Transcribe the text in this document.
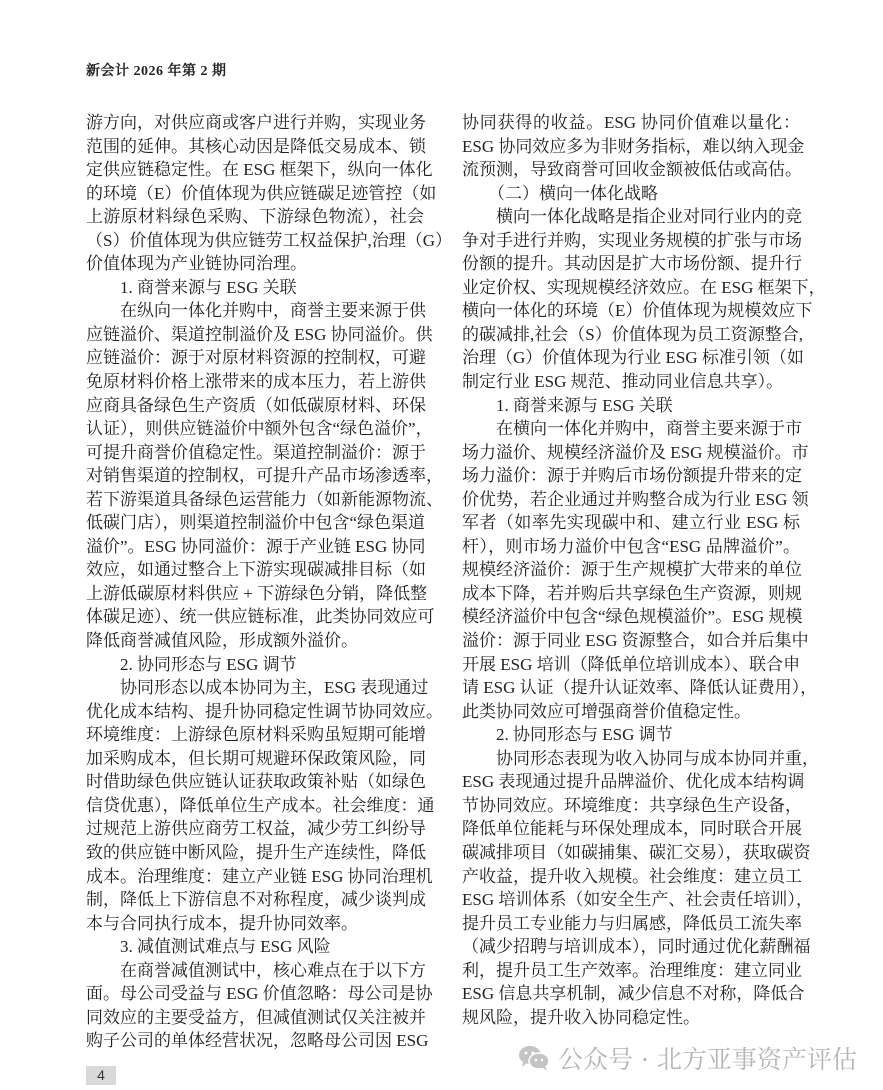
新会计 2026 年第 2 期
游方向，对供应商或客户进行并购，实现业务
范围的延伸。其核心动因是降低交易成本、锁
定供应链稳定性。在 ESG 框架下，纵向一体化
的环境（E）价值体现为供应链碳足迹管控（如
上游原材料绿色采购、下游绿色物流），社会
（S）价值体现为供应链劳工权益保护,治理（G）
价值体现为产业链协同治理。
1. 商誉来源与 ESG 关联
在纵向一体化并购中，商誉主要来源于供
应链溢价、渠道控制溢价及 ESG 协同溢价。供
应链溢价：源于对原材料资源的控制权，可避
免原材料价格上涨带来的成本压力，若上游供
应商具备绿色生产资质（如低碳原材料、环保
认证），则供应链溢价中额外包含“绿色溢价”，
可提升商誉价值稳定性。渠道控制溢价：源于
对销售渠道的控制权，可提升产品市场渗透率，
若下游渠道具备绿色运营能力（如新能源物流、
低碳门店），则渠道控制溢价中包含“绿色渠道
溢价”。ESG 协同溢价：源于产业链 ESG 协同
效应，如通过整合上下游实现碳减排目标（如
上游低碳原材料供应 + 下游绿色分销，降低整
体碳足迹）、统一供应链标准，此类协同效应可
降低商誉减值风险，形成额外溢价。
2. 协同形态与 ESG 调节
协同形态以成本协同为主，ESG 表现通过
优化成本结构、提升协同稳定性调节协同效应。
环境维度：上游绿色原材料采购虽短期可能增
加采购成本，但长期可规避环保政策风险，同
时借助绿色供应链认证获取政策补贴（如绿色
信贷优惠），降低单位生产成本。社会维度：通
过规范上游供应商劳工权益，减少劳工纠纷导
致的供应链中断风险，提升生产连续性，降低
成本。治理维度：建立产业链 ESG 协同治理机
制，降低上下游信息不对称程度，减少谈判成
本与合同执行成本，提升协同效率。
3. 减值测试难点与 ESG 风险
在商誉减值测试中，核心难点在于以下方
面。母公司受益与 ESG 价值忽略：母公司是协
同效应的主要受益方，但减值测试仅关注被并
购子公司的单体经营状况，忽略母公司因 ESG
协同获得的收益。ESG 协同价值难以量化：
ESG 协同效应多为非财务指标，难以纳入现金
流预测，导致商誉可回收金额被低估或高估。
（二）横向一体化战略
横向一体化战略是指企业对同行业内的竞
争对手进行并购，实现业务规模的扩张与市场
份额的提升。其动因是扩大市场份额、提升行
业定价权、实现规模经济效应。在 ESG 框架下，
横向一体化的环境（E）价值体现为规模效应下
的碳减排,社会（S）价值体现为员工资源整合,
治理（G）价值体现为行业 ESG 标准引领（如
制定行业 ESG 规范、推动同业信息共享）。
1. 商誉来源与 ESG 关联
在横向一体化并购中，商誉主要来源于市
场力溢价、规模经济溢价及 ESG 规模溢价。市
场力溢价：源于并购后市场份额提升带来的定
价优势，若企业通过并购整合成为行业 ESG 领
军者（如率先实现碳中和、建立行业 ESG 标
杆），则市场力溢价中包含“ESG 品牌溢价”。
规模经济溢价：源于生产规模扩大带来的单位
成本下降，若并购后共享绿色生产资源，则规
模经济溢价中包含“绿色规模溢价”。ESG 规模
溢价：源于同业 ESG 资源整合，如合并后集中
开展 ESG 培训（降低单位培训成本）、联合申
请 ESG 认证（提升认证效率、降低认证费用），
此类协同效应可增强商誉价值稳定性。
2. 协同形态与 ESG 调节
协同形态表现为收入协同与成本协同并重，
ESG 表现通过提升品牌溢价、优化成本结构调
节协同效应。环境维度：共享绿色生产设备，
降低单位能耗与环保处理成本，同时联合开展
碳减排项目（如碳捕集、碳汇交易），获取碳资
产收益，提升收入规模。社会维度：建立员工
ESG 培训体系（如安全生产、社会责任培训），
提升员工专业能力与归属感，降低员工流失率
（减少招聘与培训成本），同时通过优化薪酬福
利，提升员工生产效率。治理维度：建立同业
ESG 信息共享机制，减少信息不对称，降低合
规风险，提升收入协同稳定性。
4
公众号 · 北方亚事资产评估
